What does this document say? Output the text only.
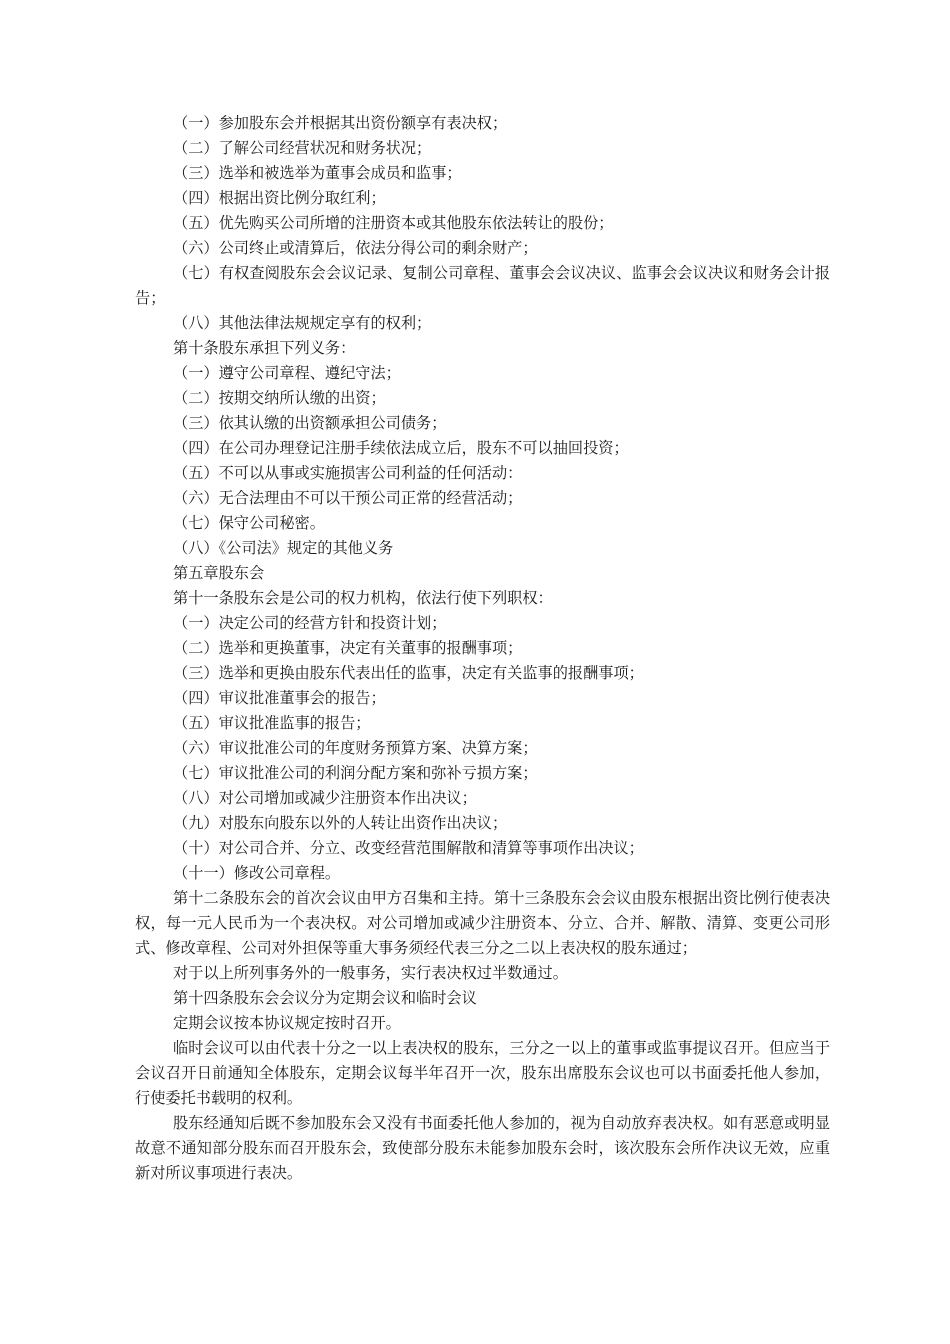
（一）参加股东会并根据其出资份额享有表决权；

（二）了解公司经营状况和财务状况；

（三）选举和被选举为董事会成员和监事；

（四）根据出资比例分取红利；

（五）优先购买公司所增的注册资本或其他股东依法转让的股份；

（六）公司终止或清算后，依法分得公司的剩余财产；

（七）有权查阅股东会会议记录、复制公司章程、董事会会议决议、监事会会议决议和财务会计报告；

（八）其他法律法规规定享有的权利；

第十条股东承担下列义务：

（一）遵守公司章程、遵纪守法；

（二）按期交纳所认缴的出资；

（三）依其认缴的出资额承担公司债务；

（四）在公司办理登记注册手续依法成立后，股东不可以抽回投资；

（五）不可以从事或实施损害公司利益的任何活动：

（六）无合法理由不可以干预公司正常的经营活动；

（七）保守公司秘密。

（八）《公司法》规定的其他义务

第五章股东会

第十一条股东会是公司的权力机构，依法行使下列职权：

（一）决定公司的经营方针和投资计划；

（二）选举和更换董事，决定有关董事的报酬事项；

（三）选举和更换由股东代表出任的监事，决定有关监事的报酬事项；

（四）审议批准董事会的报告；

（五）审议批准监事的报告；

（六）审议批准公司的年度财务预算方案、决算方案；

（七）审议批准公司的利润分配方案和弥补亏损方案；

（八）对公司增加或减少注册资本作出决议；

（九）对股东向股东以外的人转让出资作出决议；

（十）对公司合并、分立、改变经营范围解散和清算等事项作出决议；

（十一）修改公司章程。

第十二条股东会的首次会议由甲方召集和主持。第十三条股东会会议由股东根据出资比例行使表决权，每一元人民币为一个表决权。对公司增加或减少注册资本、分立、合并、解散、清算、变更公司形式、修改章程、公司对外担保等重大事务须经代表三分之二以上表决权的股东通过；

对于以上所列事务外的一般事务，实行表决权过半数通过。

第十四条股东会会议分为定期会议和临时会议

定期会议按本协议规定按时召开。

临时会议可以由代表十分之一以上表决权的股东，三分之一以上的董事或监事提议召开。但应当于会议召开日前通知全体股东，定期会议每半年召开一次，股东出席股东会议也可以书面委托他人参加，行使委托书载明的权利。

股东经通知后既不参加股东会又没有书面委托他人参加的，视为自动放弃表决权。如有恶意或明显故意不通知部分股东而召开股东会，致使部分股东未能参加股东会时，该次股东会所作决议无效，应重新对所议事项进行表决。
